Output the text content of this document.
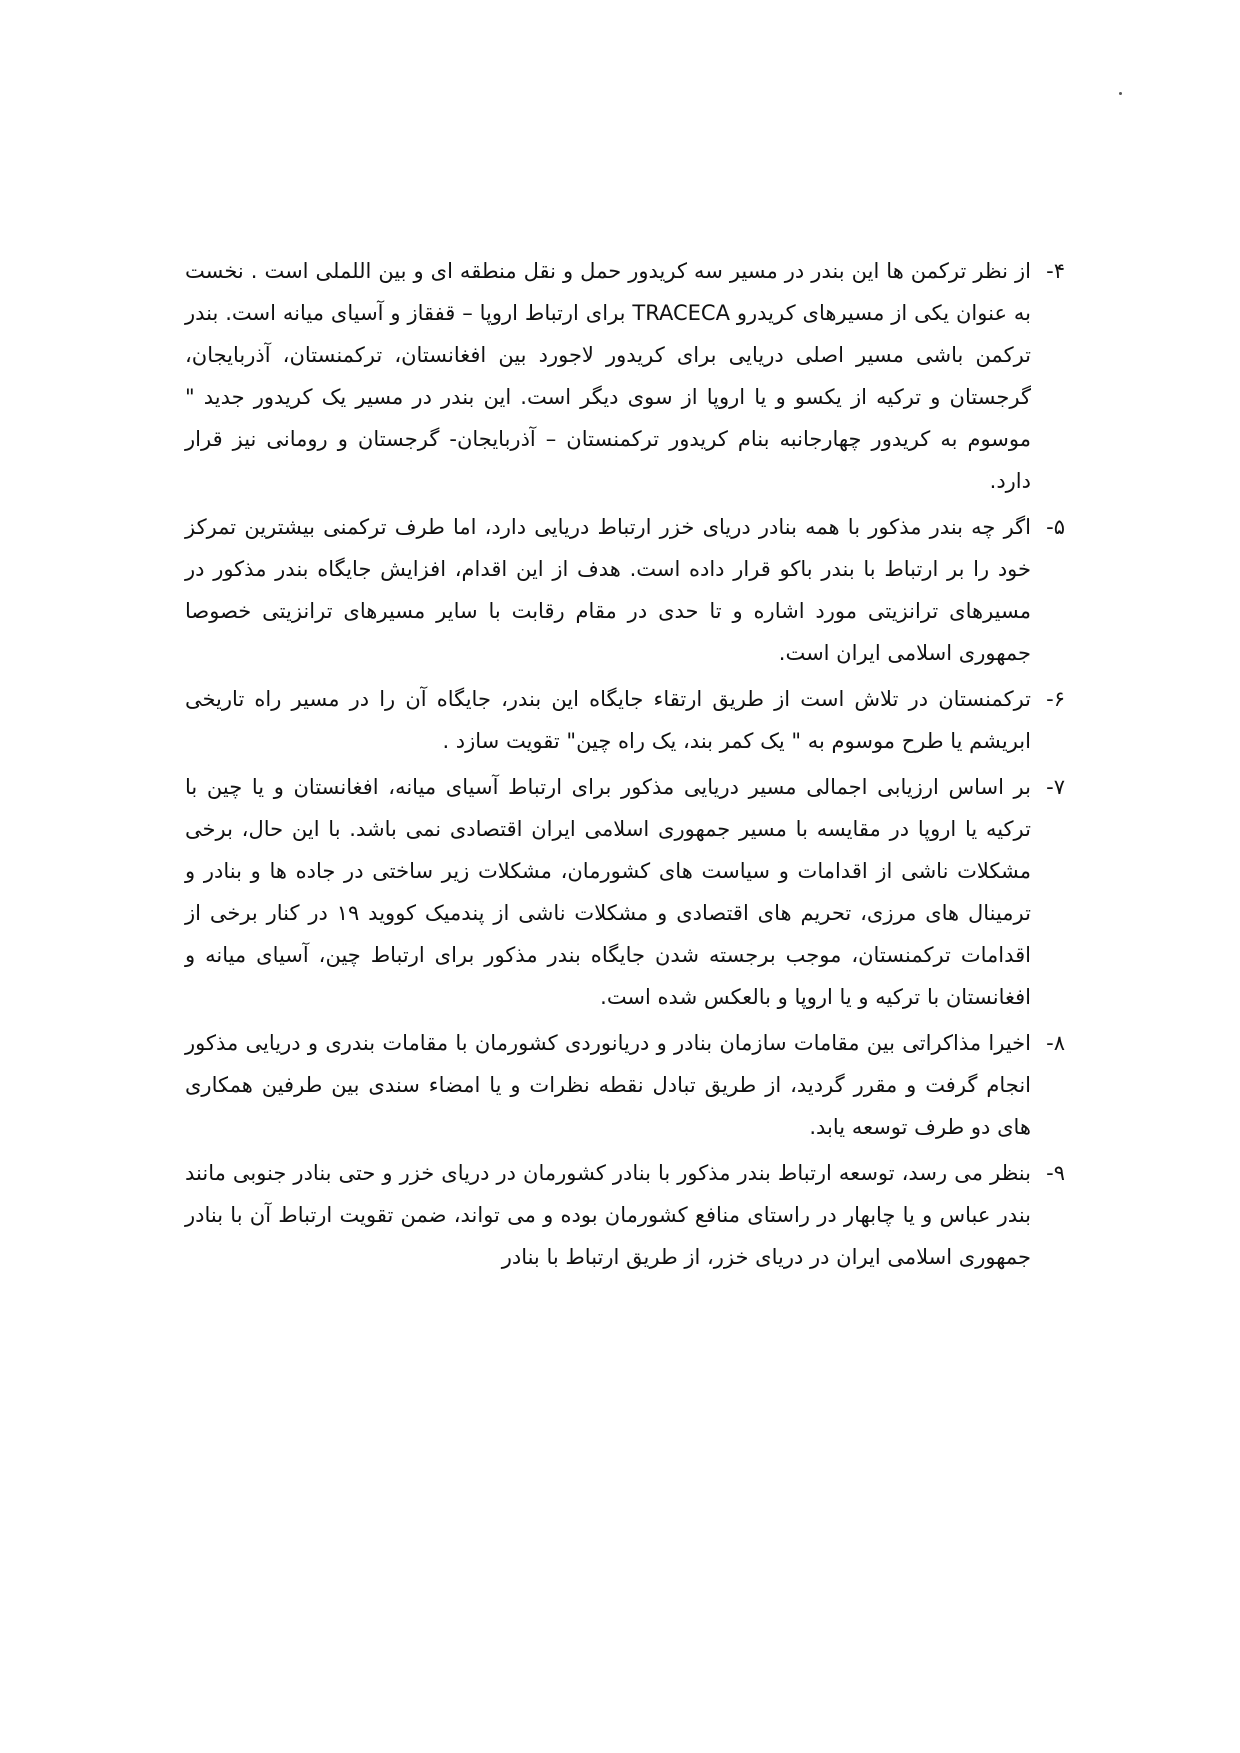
۴-
از نظر ترکمن ها این بندر در مسیر سه کریدور حمل و نقل منطقه ای و بین اللملی است . نخست به عنوان یکی از مسیرهای کریدرو TRACECA برای ارتباط اروپا – قفقاز و آسیای میانه است. بندر ترکمن باشی مسیر اصلی دریایی برای کریدور لاجورد بین افغانستان، ترکمنستان، آذربایجان، گرجستان و ترکیه از یکسو و یا اروپا از سوی دیگر است. این بندر در مسیر یک کریدور جدید " موسوم به کریدور چهارجانبه بنام کریدور ترکمنستان – آذربایجان- گرجستان و رومانی نیز قرار دارد.
۵-
اگر چه بندر مذکور با همه بنادر دریای خزر ارتباط دریایی دارد، اما طرف ترکمنی بیشترین تمرکز خود را بر ارتباط با بندر باکو قرار داده است. هدف از این اقدام، افزایش جایگاه بندر مذکور در مسیرهای ترانزیتی مورد اشاره و تا حدی در مقام رقابت با سایر مسیرهای ترانزیتی خصوصا جمهوری اسلامی ایران است.
۶-
ترکمنستان در تلاش است از طریق ارتقاء جایگاه این بندر، جایگاه آن را در مسیر راه تاریخی ابریشم یا طرح موسوم به " یک کمر بند، یک راه چین" تقویت سازد .
۷-
بر اساس ارزیابی اجمالی مسیر دریایی مذکور برای ارتباط آسیای میانه، افغانستان و یا چین با ترکیه یا اروپا در مقایسه با مسیر جمهوری اسلامی ایران اقتصادی نمی باشد. با این حال، برخی مشکلات ناشی از اقدامات و سیاست های کشورمان، مشکلات زیر ساختی در جاده ها و بنادر و ترمینال های مرزی، تحریم های اقتصادی و مشکلات ناشی از پندمیک کووید ۱۹ در کنار برخی از اقدامات ترکمنستان، موجب برجسته شدن جایگاه بندر مذکور برای ارتباط چین، آسیای میانه و افغانستان با ترکیه و یا اروپا و بالعکس شده است.
۸-
اخیرا مذاکراتی بین مقامات سازمان بنادر و دریانوردی کشورمان با مقامات بندری و دریایی مذکور انجام گرفت و مقرر گردید، از طریق تبادل نقطه نظرات و یا امضاء سندی بین طرفین همکاری های دو طرف توسعه یابد.
۹-
بنظر می رسد، توسعه ارتباط بندر مذکور با بنادر کشورمان در دریای خزر و حتی بنادر جنوبی مانند بندر عباس و یا چابهار در راستای منافع کشورمان بوده و می تواند، ضمن تقویت ارتباط آن با بنادر جمهوری اسلامی ایران در دریای خزر، از طریق ارتباط با بنادر
